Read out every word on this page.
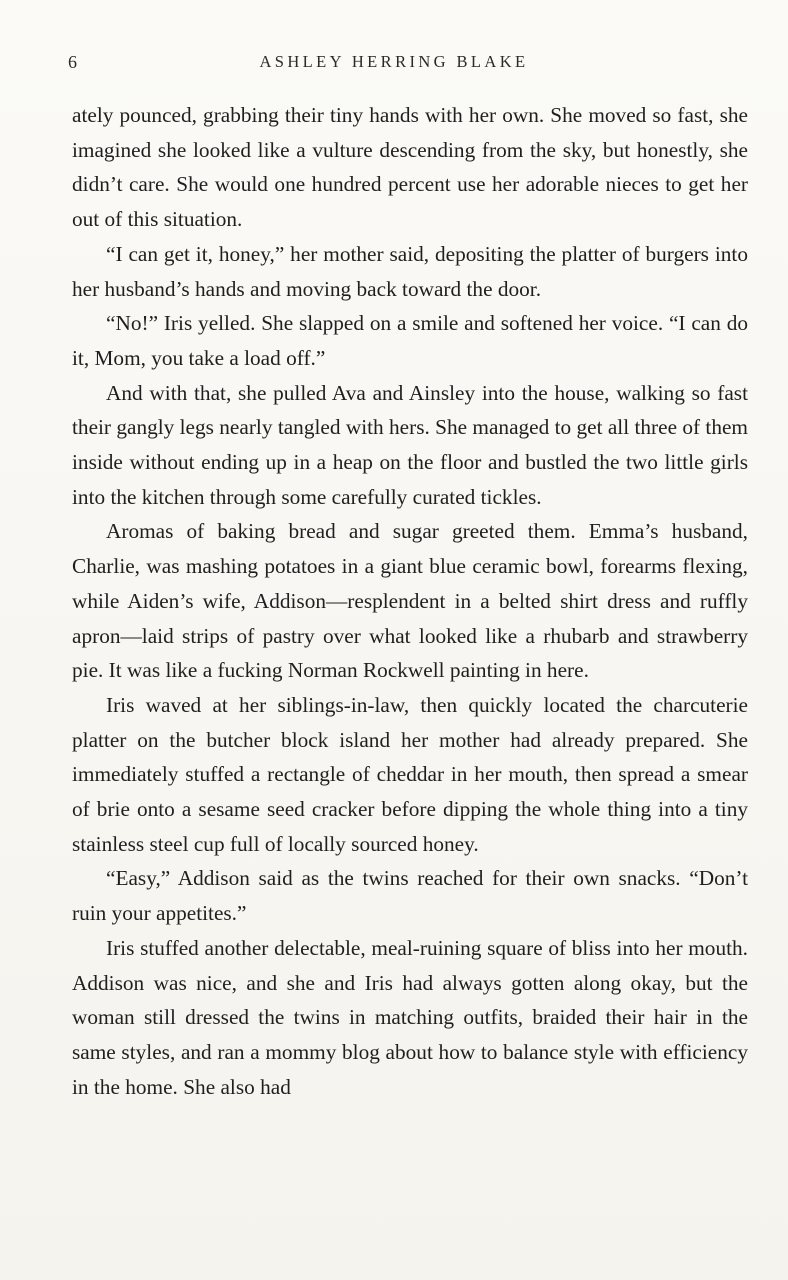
6	ASHLEY HERRING BLAKE

ately pounced, grabbing their tiny hands with her own. She moved so fast, she imagined she looked like a vulture descending from the sky, but honestly, she didn’t care. She would one hundred percent use her adorable nieces to get her out of this situation.

“I can get it, honey,” her mother said, depositing the platter of burgers into her husband’s hands and moving back toward the door.

“No!” Iris yelled. She slapped on a smile and softened her voice. “I can do it, Mom, you take a load off.”

And with that, she pulled Ava and Ainsley into the house, walking so fast their gangly legs nearly tangled with hers. She managed to get all three of them inside without ending up in a heap on the floor and bustled the two little girls into the kitchen through some carefully curated tickles.

Aromas of baking bread and sugar greeted them. Emma’s husband, Charlie, was mashing potatoes in a giant blue ceramic bowl, forearms flexing, while Aiden’s wife, Addison—resplendent in a belted shirt dress and ruffly apron—laid strips of pastry over what looked like a rhubarb and strawberry pie. It was like a fucking Norman Rockwell painting in here.

Iris waved at her siblings-in-law, then quickly located the charcuterie platter on the butcher block island her mother had already prepared. She immediately stuffed a rectangle of cheddar in her mouth, then spread a smear of brie onto a sesame seed cracker before dipping the whole thing into a tiny stainless steel cup full of locally sourced honey.

“Easy,” Addison said as the twins reached for their own snacks. “Don’t ruin your appetites.”

Iris stuffed another delectable, meal-ruining square of bliss into her mouth. Addison was nice, and she and Iris had always gotten along okay, but the woman still dressed the twins in matching outfits, braided their hair in the same styles, and ran a mommy blog about how to balance style with efficiency in the home. She also had
